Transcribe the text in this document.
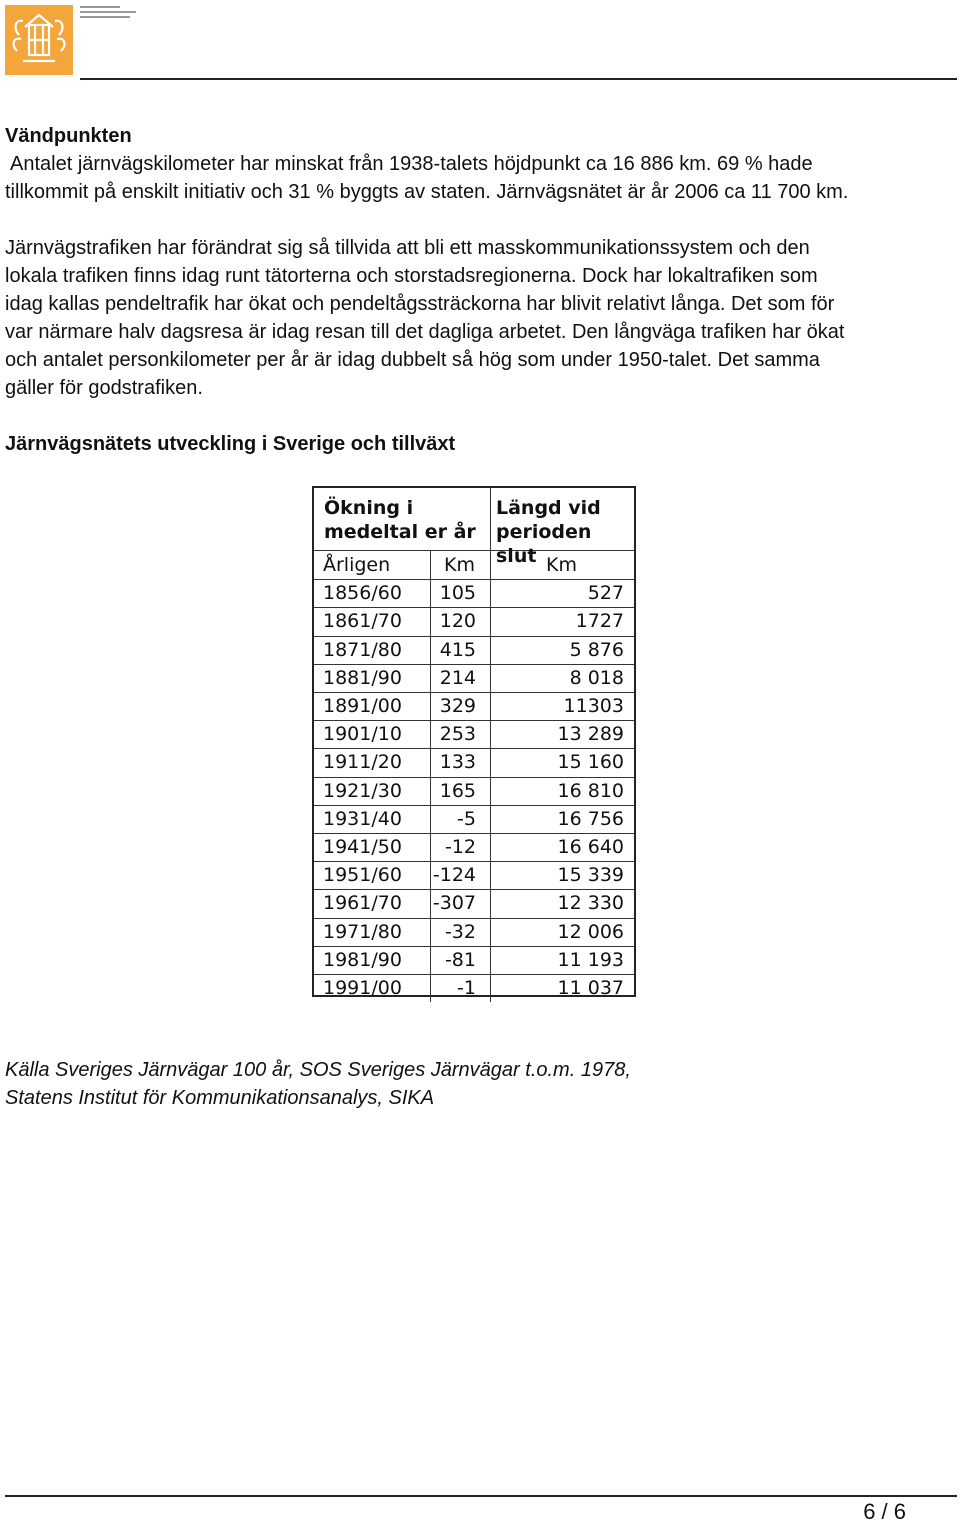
Vändpunkten

Antalet järnvägskilometer har minskat från 1938-talets höjdpunkt ca 16 886 km. 69 % hade

tillkommit på enskilt initiativ och 31 % byggts av staten. Järnvägsnätet är år 2006 ca 11 700 km.

Järnvägstrafiken har förändrat sig så tillvida att bli ett masskommunikationssystem och den

lokala trafiken finns idag runt tätorterna och storstadsregionerna. Dock har lokaltrafiken som

idag kallas pendeltrafik har ökat och pendeltågssträckorna har blivit relativt långa. Det som för

var närmare halv dagsresa är idag resan till det dagliga arbetet. Den långväga trafiken har ökat

och antalet personkilometer per år är idag dubbelt så hög som under 1950-talet. Det samma

gäller för godstrafiken.

Järnvägsnätets utveckling i Sverige och tillväxt

Ökning i
medeltal er år
Längd vid
perioden slut
Årligen	Km	Km
1856/60 105	527
1861/70 120	1727
1871/80 415	5 876
1881/90 214	8 018
1891/00 329	11303
1901/10 253	13 289
1911/20 133	15 160
1921/30 165	16 810
1931/40	-5	16 756
1941/50 -12	16 640
1951/60 -124	15 339
1961/70 -307	12 330
1971/80 -32	12 006
1981/90 -81	11 193
1991/00	-1	11 037
Källa Sveriges Järnvägar 100 år, SOS Sveriges Järnvägar t.o.m. 1978,
Statens Institut för Kommunikationsanalys, SIKA
6 / 6
